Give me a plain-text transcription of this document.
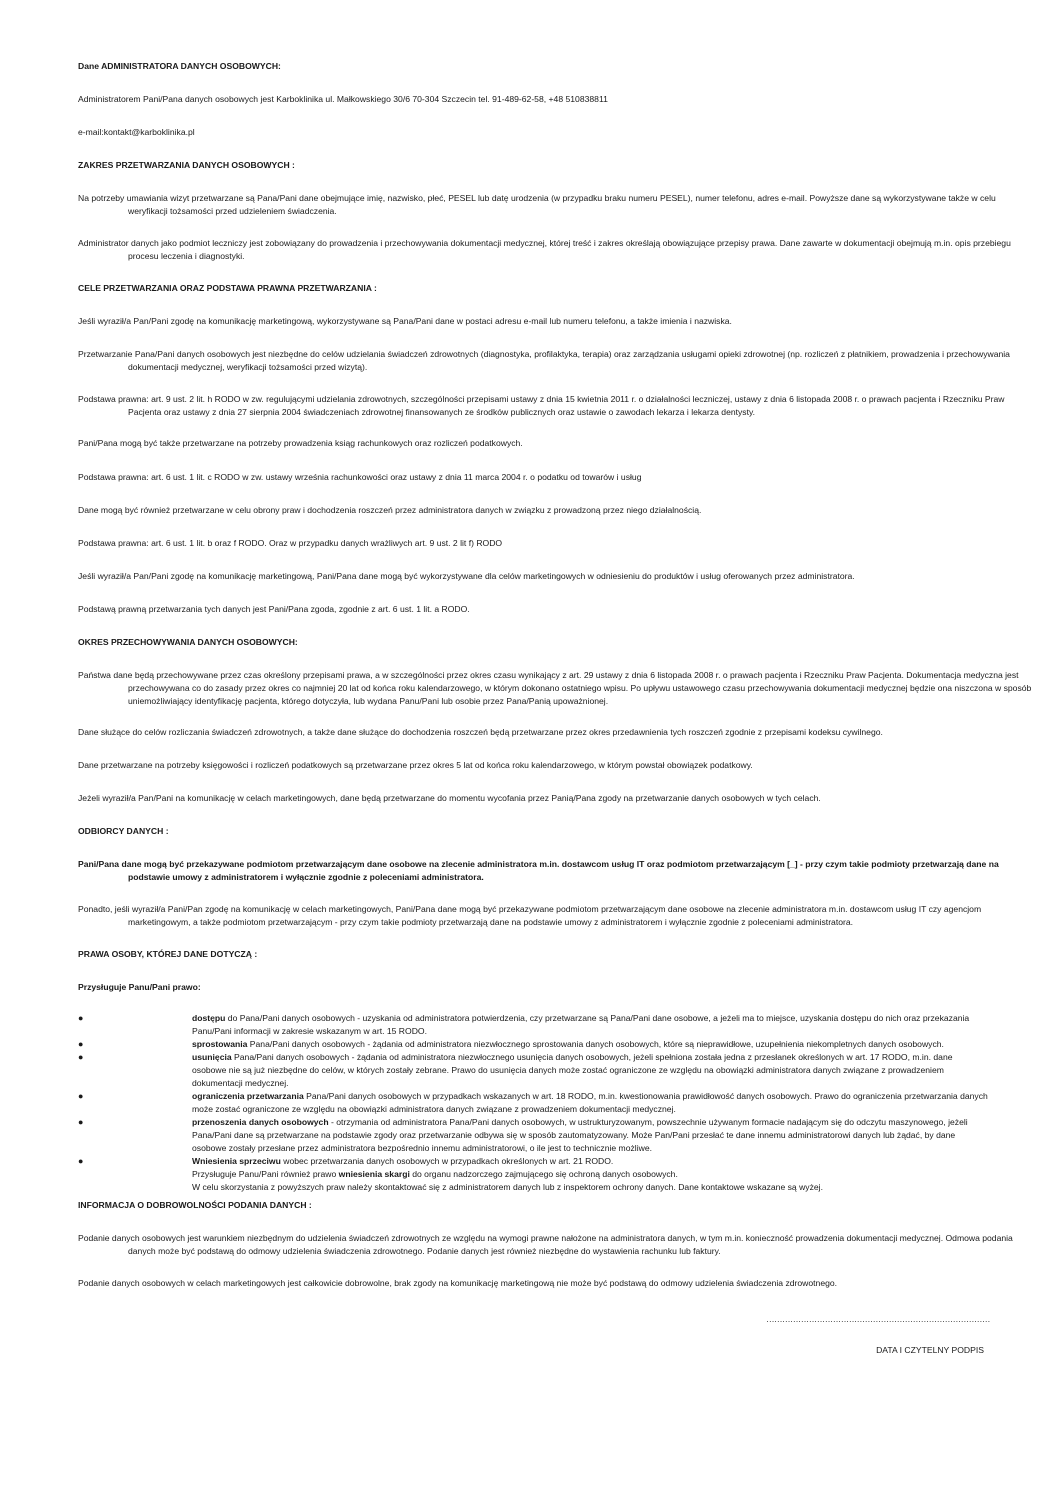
Dane ADMINISTRATORA DANYCH OSOBOWYCH:
Administratorem Pani/Pana danych osobowych jest Karboklinika ul. Małkowskiego 30/6 70-304 Szczecin tel. 91-489-62-58, +48 510838811
e-mail:kontakt@karboklinika.pl
ZAKRES PRZETWARZANIA DANYCH OSOBOWYCH :
Na potrzeby umawiania wizyt przetwarzane są Pana/Pani dane obejmujące imię, nazwisko, płeć, PESEL lub datę urodzenia (w przypadku braku numeru PESEL), numer telefonu, adres e-mail. Powyższe dane są wykorzystywane także w celu weryfikacji tożsamości przed udzieleniem świadczenia.
Administrator danych jako podmiot leczniczy jest zobowiązany do prowadzenia i przechowywania dokumentacji medycznej, której treść i zakres określają obowiązujące przepisy prawa. Dane zawarte w dokumentacji obejmują m.in. opis przebiegu procesu leczenia i diagnostyki.
CELE PRZETWARZANIA ORAZ PODSTAWA PRAWNA PRZETWARZANIA :
Jeśli wyraził/a Pan/Pani zgodę na komunikację marketingową, wykorzystywane są Pana/Pani dane w postaci adresu e-mail lub numeru telefonu, a także imienia i nazwiska.
Przetwarzanie Pana/Pani danych osobowych jest niezbędne do celów udzielania świadczeń zdrowotnych (diagnostyka, profilaktyka, terapia) oraz zarządzania usługami opieki zdrowotnej (np. rozliczeń z płatnikiem, prowadzenia i przechowywania dokumentacji medycznej, weryfikacji tożsamości przed wizytą).
Podstawa prawna: art. 9 ust. 2 lit. h RODO w zw. regulującymi udzielania zdrowotnych, szczególności przepisami ustawy z dnia 15 kwietnia 2011 r. o działalności leczniczej, ustawy z dnia 6 listopada 2008 r. o prawach pacjenta i Rzeczniku Praw Pacjenta oraz ustawy z dnia 27 sierpnia 2004 świadczeniach zdrowotnej finansowanych ze środków publicznych oraz ustawie o zawodach lekarza i lekarza dentysty.
Pani/Pana mogą być także przetwarzane na potrzeby prowadzenia ksiąg rachunkowych oraz rozliczeń podatkowych.
Podstawa prawna: art. 6 ust. 1 lit. c RODO w zw. ustawy września rachunkowości oraz ustawy z dnia 11 marca 2004 r. o podatku od towarów i usług
Dane mogą być również przetwarzane w celu obrony praw i dochodzenia roszczeń przez administratora danych w związku z prowadzoną przez niego działalnością.
Podstawa prawna: art. 6 ust. 1 lit. b oraz f RODO. Oraz w przypadku danych wrażliwych art. 9 ust. 2 lit f) RODO
Jeśli wyraził/a Pan/Pani zgodę na komunikację marketingową, Pani/Pana dane mogą być wykorzystywane dla celów marketingowych w odniesieniu do produktów i usług oferowanych przez administratora.
Podstawą prawną przetwarzania tych danych jest Pani/Pana zgoda, zgodnie z art. 6 ust. 1 lit. a RODO.
OKRES PRZECHOWYWANIA DANYCH OSOBOWYCH:
Państwa dane będą przechowywane przez czas określony przepisami prawa, a w szczególności przez okres czasu wynikający z art. 29 ustawy z dnia 6 listopada 2008 r. o prawach pacjenta i Rzeczniku Praw Pacjenta. Dokumentacja medyczna jest przechowywana co do zasady przez okres co najmniej 20 lat od końca roku kalendarzowego, w którym dokonano ostatniego wpisu. Po upływu ustawowego czasu przechowywania dokumentacji medycznej będzie ona niszczona w sposób uniemożliwiający identyfikację pacjenta, którego dotyczyła, lub wydana Panu/Pani lub osobie przez Pana/Panią upoważnionej.
Dane służące do celów rozliczania świadczeń zdrowotnych, a także dane służące do dochodzenia roszczeń będą przetwarzane przez okres przedawnienia tych roszczeń zgodnie z przepisami kodeksu cywilnego.
Dane przetwarzane na potrzeby księgowości i rozliczeń podatkowych są przetwarzane przez okres 5 lat od końca roku kalendarzowego, w którym powstał obowiązek podatkowy.
Jeżeli wyraził/a Pan/Pani na komunikację w celach marketingowych, dane będą przetwarzane do momentu wycofania przez Panią/Pana zgody na przetwarzanie danych osobowych w tych celach.
ODBIORCY DANYCH :
Pani/Pana dane mogą być przekazywane podmiotom przetwarzającym dane osobowe na zlecenie administratora m.in. dostawcom usług IT oraz podmiotom przetwarzającym [_] - przy czym takie podmioty przetwarzają dane na podstawie umowy z administratorem i wyłącznie zgodnie z poleceniami administratora.
Ponadto, jeśli wyraził/a Pani/Pan zgodę na komunikację w celach marketingowych, Pani/Pana dane mogą być przekazywane podmiotom przetwarzającym dane osobowe na zlecenie administratora m.in. dostawcom usług IT czy agencjom marketingowym, a także podmiotom przetwarzającym - przy czym takie podmioty przetwarzają dane na podstawie umowy z administratorem i wyłącznie zgodnie z poleceniami administratora.
PRAWA OSOBY, KTÓREJ DANE DOTYCZĄ :
Przysługuje Panu/Pani prawo:
●	dostępu do Pana/Pani danych osobowych - uzyskania od administratora potwierdzenia, czy przetwarzane są Pana/Pani dane osobowe, a jeżeli ma to miejsce, uzyskania dostępu do nich oraz przekazania Panu/Pani informacji w zakresie wskazanym w art. 15 RODO.
●	sprostowania Pana/Pani danych osobowych - żądania od administratora niezwłocznego sprostowania danych osobowych, które są nieprawidłowe, uzupełnienia niekompletnych danych osobowych.
●	usunięcia Pana/Pani danych osobowych - żądania od administratora niezwłocznego usunięcia danych osobowych, jeżeli spełniona została jedna z przesłanek określonych w art. 17 RODO, m.in. dane osobowe nie są już niezbędne do celów, w których zostały zebrane. Prawo do usunięcia danych może zostać ograniczone ze względu na obowiązki administratora danych związane z prowadzeniem dokumentacji medycznej.
●	ograniczenia przetwarzania Pana/Pani danych osobowych w przypadkach wskazanych w art. 18 RODO, m.in. kwestionowania prawidłowość danych osobowych. Prawo do ograniczenia przetwarzania danych może zostać ograniczone ze względu na obowiązki administratora danych związane z prowadzeniem dokumentacji medycznej.
●	przenoszenia danych osobowych - otrzymania od administratora Pana/Pani danych osobowych, w ustrukturyzowanym, powszechnie używanym formacie nadającym się do odczytu maszynowego, jeżeli Pana/Pani dane są przetwarzane na podstawie zgody oraz przetwarzanie odbywa się w sposób zautomatyzowany. Może Pan/Pani przesłać te dane innemu administratorowi danych lub żądać, by dane osobowe zostały przesłane przez administratora bezpośrednio innemu administratorowi, o ile jest to technicznie możliwe.
●	Wniesienia sprzeciwu wobec przetwarzania danych osobowych w przypadkach określonych w art. 21 RODO.
Przysługuje Panu/Pani również prawo wniesienia skargi do organu nadzorczego zajmującego się ochroną danych osobowych.
W celu skorzystania z powyższych praw należy skontaktować się z administratorem danych lub z inspektorem ochrony danych. Dane kontaktowe wskazane są wyżej.
INFORMACJA O DOBROWOLNOŚCI PODANIA DANYCH :
Podanie danych osobowych jest warunkiem niezbędnym do udzielenia świadczeń zdrowotnych ze względu na wymogi prawne nałożone na administratora danych, w tym m.in. konieczność prowadzenia dokumentacji medycznej. Odmowa podania danych może być podstawą do odmowy udzielenia świadczenia zdrowotnego. Podanie danych jest również niezbędne do wystawienia rachunku lub faktury.
Podanie danych osobowych w celach marketingowych jest całkowicie dobrowolne, brak zgody na komunikację marketingową nie może być podstawą do odmowy udzielenia świadczenia zdrowotnego.
…………………………………………………………………………
DATA I CZYTELNY PODPIS
